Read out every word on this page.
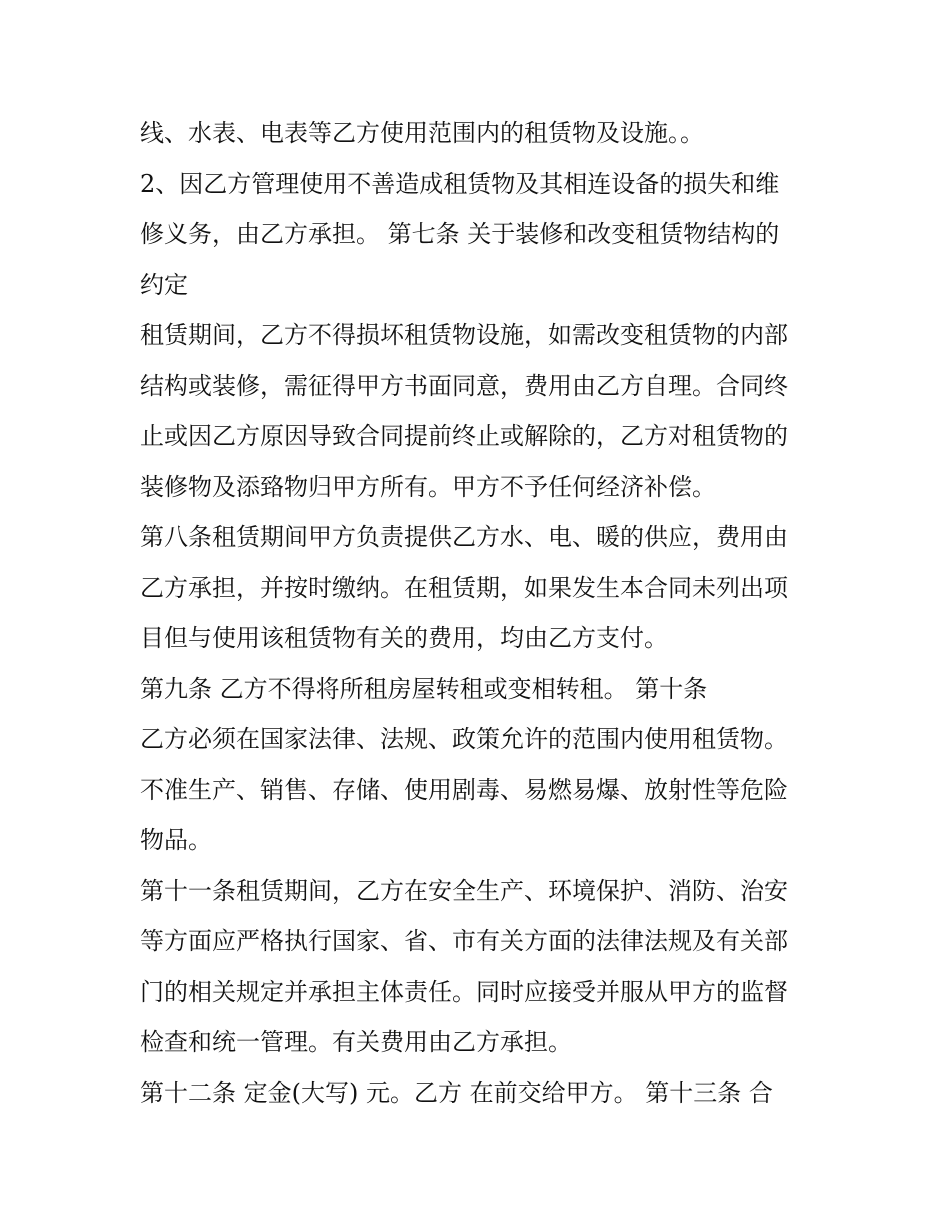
线、水表、电表等乙方使用范围内的租赁物及设施。。
2、因乙方管理使用不善造成租赁物及其相连设备的损失和维
修义务，由乙方承担。 第七条 关于装修和改变租赁物结构的
约定
租赁期间，乙方不得损坏租赁物设施，如需改变租赁物的内部
结构或装修，需征得甲方书面同意，费用由乙方自理。合同终
止或因乙方原因导致合同提前终止或解除的，乙方对租赁物的
装修物及添臵物归甲方所有。甲方不予任何经济补偿。
第八条租赁期间甲方负责提供乙方水、电、暖的供应，费用由
乙方承担，并按时缴纳。在租赁期，如果发生本合同未列出项
目但与使用该租赁物有关的费用，均由乙方支付。
第九条 乙方不得将所租房屋转租或变相转租。 第十条
乙方必须在国家法律、法规、政策允许的范围内使用租赁物。
不准生产、销售、存储、使用剧毒、易燃易爆、放射性等危险
物品。
第十一条租赁期间，乙方在安全生产、环境保护、消防、治安
等方面应严格执行国家、省、市有关方面的法律法规及有关部
门的相关规定并承担主体责任。同时应接受并服从甲方的监督
检查和统一管理。有关费用由乙方承担。
第十二条 定金(大写) 元。乙方 在前交给甲方。 第十三条 合
